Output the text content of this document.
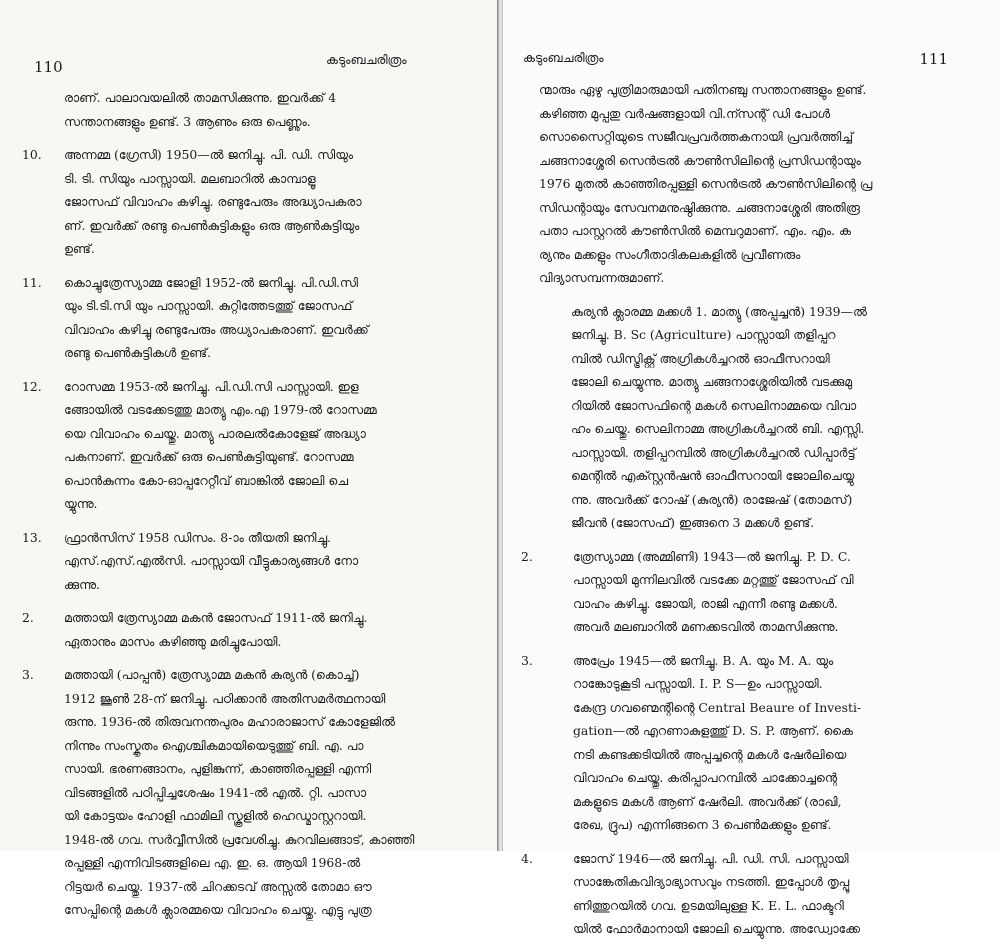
110	കടുംബചരിത്രം
രാണ്‌. പാലാവയലിൽ താമസിക്കുന്നു. ഇവർക്ക് 4
സന്താനങ്ങളും ഉണ്ട്. 3 ആണും ഒരു പെണ്ണും.
10. അന്നമ്മ (ഗ്രേസി) 1950—ൽ ജനിച്ചു. പി. ഡി. സിയും
ടി. ടി. സിയും പാസ്സായി. മലബാറിൽ കാമ്പാളൂ
ജോസഫ് വിവാഹം കഴിച്ചു. രണ്ടുപേരും അദ്ധ്യാപകരാ
ണ്. ഇവർക്ക് രണ്ടു പെൺകുട്ടികളും ഒരു ആൺകുട്ടിയും
ഉണ്ട്.
11. കൊച്ചുത്രേസ്യാമ്മ ജോളി 1952-ൽ ജനിച്ചു. പി.ഡി.സി
യും ടി.ടി.സി യും പാസ്സായി. കുറ്റിത്തേടത്തു് ജോസഫ്
വിവാഹം കഴിച്ചു രണ്ടുപേരും അധ്യാപകരാണ്. ഇവർക്ക്
രണ്ടു പെൺകുട്ടികൾ ഉണ്ട്.
12. റോസമ്മ 1953-ൽ ജനിച്ചു. പി.ഡി.സി പാസ്സായി. ഇള
ങ്ങോയിൽ വടക്കേടത്തു മാത്യു എം.എ 1979-ൽ റോസമ്മ
യെ വിവാഹം ചെയ്തു. മാത്യു പാരലൽകോളേജ് അദ്ധ്യാ
പകനാണ്. ഇവർക്ക് ഒരു പെൺകുട്ടിയുണ്ട്. റോസമ്മ
പൊൻകുന്നം കോ-ഓപ്പറേറ്റീവ് ബാങ്കിൽ ജോലി ചെ
യ്യുന്നു.
13. ഫ്രാൻസിസ് 1958 ഡിസം. 8-ാം തീയതി ജനിച്ചു.
എസ്.എസ്.എൽസി. പാസ്സായി വീട്ടുകാര്യങ്ങൾ നോ
ക്കുന്നു.
2. മത്തായി ത്രേസ്യാമ്മ മകൻ ജോസഫ് 1911-ൽ ജനിച്ചു.
ഏതാനും മാസം കഴിഞ്ഞു മരിച്ചുപോയി.
3. മത്തായി (പാപ്പൻ) ത്രേസ്യാമ്മ മകൻ കുര്യൻ (കൊച്ച്)
1912 ജൂൺ 28-ന് ജനിച്ചു. പഠിക്കാൻ അതിസമർത്ഥനായി
രുന്നു. 1936-ൽ തിരുവനന്തപുരം മഹാരാജാസ് കോളേജിൽ
നിന്നും സംസ്കൃതം ഐശ്ചികമായിയെടുത്തു് ബി. എ. പാ
സായി. ഭരണങ്ങാനം, പുളിങ്കുന്ന്, കാഞ്ഞിരപ്പള്ളി എന്നി
വിടങ്ങളിൽ പഠിപ്പിച്ചശേഷം 1941-ൽ എൽ. റ്റി. പാസാ
യി കോട്ടയം ഹോളി ഫാമിലി സ്കൂളിൽ ഹെഡ്മാസ്റ്ററായി.
1948-ൽ ഗവ. സർവ്വീസിൽ പ്രവേശിച്ചു. കുറവിലങ്ങാട്, കാഞ്ഞി
രപ്പള്ളി എന്നിവിടങ്ങളിലെ എ. ഇ. ഒ. ആയി 1968-ൽ
റിട്ടയർ ചെയ്തു. 1937-ൽ ചിറക്കടവ് അസ്സൽ തോമാ ഔ
സേപ്പിന്റെ മകൾ ക്ലാരമ്മയെ വിവാഹം ചെയ്തു. എട്ടു പുത്ര
കടുംബചരിത്രം	111
ന്മാരും ഏഴു പുത്രിമാരുമായി പതിനഞ്ചു സന്താനങ്ങളും ഉണ്ട്.
കഴിഞ്ഞ മുപ്പതു വർഷങ്ങളായി വി.ന്സന്റ് ഡി പോൾ
സൊസൈറ്റിയുടെ സജീവപ്രവർത്തകനായി പ്രവർത്തിച്ച്
ചങ്ങനാശ്ശേരി സെൻട്രൽ കൗൺസിലിന്റെ പ്രസിഡന്റായും
1976 മുതൽ കാഞ്ഞിരപ്പള്ളി സെൻട്രൽ കൗൺസിലിന്റെ പ്ര
സിഡന്റായും സേവനമനുഷ്ഠിക്കുന്നു. ചങ്ങനാശ്ശേരി അതിരൂ
പതാ പാസ്റ്ററൽ കൗൺസിൽ മെമ്പറുമാണ്. എം. എം. ക
ര്യനും മക്കളും സംഗീതാദികലകളിൽ പ്രവീണരും
വിദ്യാസമ്പന്നരുമാണ്.
കുര്യൻ ക്ലാരമ്മ മക്കൾ 1. മാത്യു (അപ്പച്ചൻ) 1939—ൽ
ജനിച്ചു. B. Sc (Agriculture) പാസ്സായി തളിപ്പറ
മ്പിൽ ഡിസ്ട്രിക്റ്റ് അഗ്രികൾച്ചറൽ ഓഫീസറായി
ജോലി ചെയ്യുന്നു. മാത്യു ചങ്ങനാശ്ശേരിയിൽ വടക്കുമു
റിയിൽ ജോസഫിന്റെ മകൾ സെലിനാമ്മയെ വിവാ
ഹം ചെയ്തു. സെലിനാമ്മ അഗ്രികൾച്ചറൽ ബി. എസ്സി.
പാസ്സായി. തളിപ്പറമ്പിൽ അഗ്രികൾച്ചറൽ ഡിപ്പാർട്ട്
മെന്റിൽ എക്സ്റ്റൻഷൻ ഓഫീസറായി ജോലിചെയ്യു
ന്നു. അവർക്ക് റോഷ് (കുര്യൻ) രാജേഷ് (തോമസ്)
ജീവൻ (ജോസഫ്) ഇങ്ങനെ 3 മക്കൾ ഉണ്ട്.
2.	ത്രേസ്യാമ്മ (അമ്മിണി) 1943—ൽ ജനിച്ചു. P. D. C.
പാസ്സായി മുന്നിലവിൽ വടക്കേ മറ്റത്തു് ജോസഫ് വി
വാഹം കഴിച്ചു. ജോയി, രാജി എന്നീ രണ്ടു മക്കൾ.
അവർ മലബാറിൽ മണക്കടവിൽ താമസിക്കുന്നു.
3.	അപ്രേം 1945—ൽ ജനിച്ചു. B. A. യും M. A. യും
റാങ്കോടുകൂടി പസ്സായി. I. P. S—ഉം പാസ്സായി.
കേന്ദ്ര ഗവണ്മെന്റിന്റെ Central Beaure of Investi-
gation—ൽ എറണാകുളത്തു് D. S. P. ആണ്. കൈ
നടി കണ്ടക്കടിയിൽ അപ്പച്ചന്റെ മകൾ ഷേർലിയെ
വിവാഹം ചെയ്തു. കരിപ്പാപറമ്പിൽ ചാക്കോച്ചന്റെ
മകളുടെ മകൾ ആണ് ഷേർലി. അവർക്ക് (രാഖി,
രേഖ, ദ്രുപ) എന്നിങ്ങനെ 3 പെൺമക്കളും ഉണ്ട്.
4.	ജോസ് 1946—ൽ ജനിച്ചു. പി. ഡി. സി. പാസ്സായി
സാങ്കേതികവിദ്യാഭ്യാസവും നടത്തി. ഇപ്പോൾ തൃപ്പൂ
ണിത്തുറയിൽ ഗവ. ഉടമയിലുള്ള K. E. L. ഫാക്ടറി
യിൽ ഫോർമാനായി ജോലി ചെയ്യുന്നു. അഡ്വോക്കേ
